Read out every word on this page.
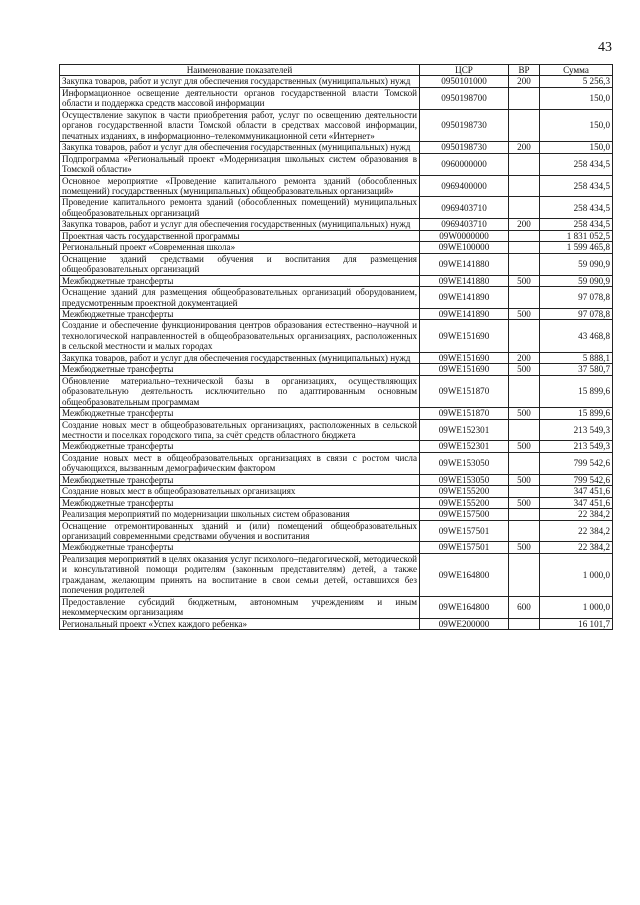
43
Наименование показателей	ЦСР	ВР	Сумма
Закупка товаров, работ и услуг для обеспечения государственных (муниципальных) нужд	0950101000	200	5 256,3
Информационное освещение деятельности органов государственной власти Томской области и поддержка средств массовой информации	0950198700		150,0
Осуществление закупок в части приобретения работ, услуг по освещению деятельности органов государственной власти Томской области в средствах массовой информации, печатных изданиях, в информационно–телекоммуникационной сети «Интернет»	0950198730		150,0
Закупка товаров, работ и услуг для обеспечения государственных (муниципальных) нужд	0950198730	200	150,0
Подпрограмма «Региональный проект «Модернизация школьных систем образования в Томской области»	0960000000		258 434,5
Основное мероприятие «Проведение капитального ремонта зданий (обособленных помещений) государственных (муниципальных) общеобразовательных организаций»	0969400000		258 434,5
Проведение капитального ремонта зданий (обособленных помещений) муниципальных общеобразовательных организаций	0969403710		258 434,5
Закупка товаров, работ и услуг для обеспечения государственных (муниципальных) нужд	0969403710	200	258 434,5
Проектная часть государственной программы	09W0000000		1 831 052,5
Региональный проект «Современная школа»	09WE100000		1 599 465,8
Оснащение зданий средствами обучения и воспитания для размещения общеобразовательных организаций	09WE141880		59 090,9
Межбюджетные трансферты	09WE141880	500	59 090,9
Оснащение зданий для размещения общеобразовательных организаций оборудованием, предусмотренным проектной документацией	09WE141890		97 078,8
Межбюджетные трансферты	09WE141890	500	97 078,8
Создание и обеспечение функционирования центров образования естественно–научной и технологической направленностей в общеобразовательных организациях, расположенных в сельской местности и малых городах	09WE151690		43 468,8
Закупка товаров, работ и услуг для обеспечения государственных (муниципальных) нужд	09WE151690	200	5 888,1
Межбюджетные трансферты	09WE151690	500	37 580,7
Обновление материально–технической базы в организациях, осуществляющих образовательную деятельность исключительно по адаптированным основным общеобразовательным программам	09WE151870		15 899,6
Межбюджетные трансферты	09WE151870	500	15 899,6
Создание новых мест в общеобразовательных организациях, расположенных в сельской местности и поселках городского типа, за счёт средств областного бюджета	09WE152301		213 549,3
Межбюджетные трансферты	09WE152301	500	213 549,3
Создание новых мест в общеобразовательных организациях в связи с ростом числа обучающихся, вызванным демографическим фактором	09WE153050		799 542,6
Межбюджетные трансферты	09WE153050	500	799 542,6
Создание новых мест в общеобразовательных организациях	09WE155200		347 451,6
Межбюджетные трансферты	09WE155200	500	347 451,6
Реализация мероприятий по модернизации школьных систем образования	09WE157500		22 384,2
Оснащение отремонтированных зданий и (или) помещений общеобразовательных организаций современными средствами обучения и воспитания	09WE157501		22 384,2
Межбюджетные трансферты	09WE157501	500	22 384,2
Реализация мероприятий в целях оказания услуг психолого–педагогической, методической и консультативной помощи родителям (законным представителям) детей, а также гражданам, желающим принять на воспитание в свои семьи детей, оставшихся без попечения родителей	09WE164800		1 000,0
Предоставление субсидий бюджетным, автономным учреждениям и иным некоммерческим организациям	09WE164800	600	1 000,0
Региональный проект «Успех каждого ребенка»	09WE200000		16 101,7
